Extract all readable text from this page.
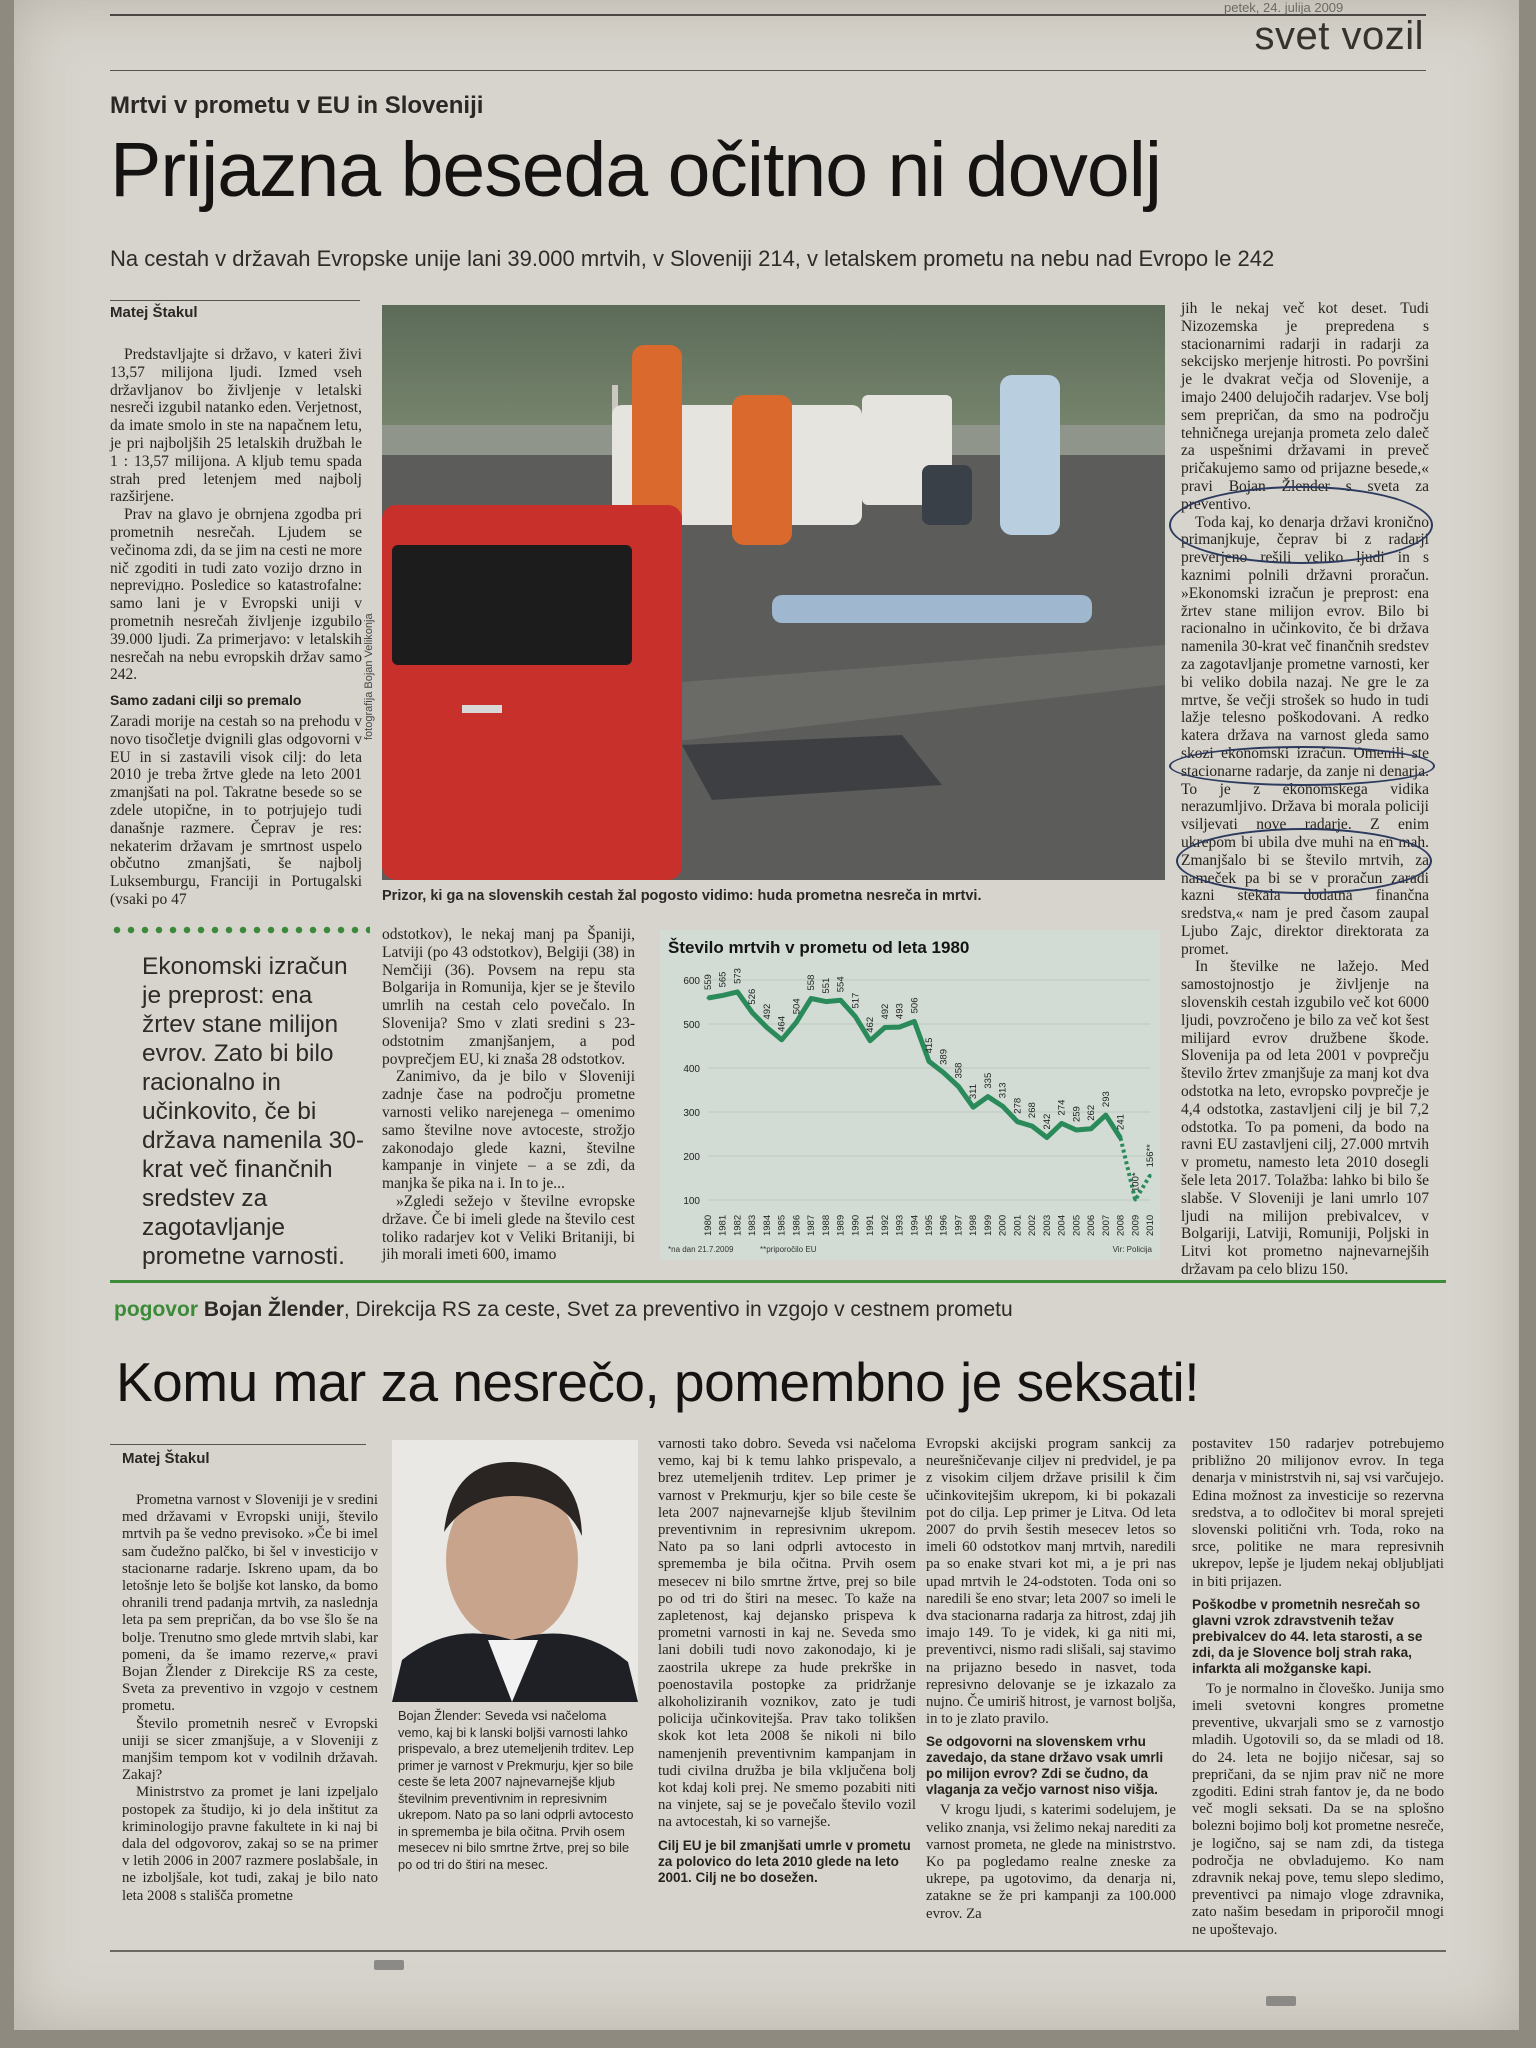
petek, 24. julija 2009
svet vozil
Mrtvi v prometu v EU in Sloveniji
Prijazna beseda očitno ni dovolj
Na cestah v državah Evropske unije lani 39.000 mrtvih, v Sloveniji 214, v letalskem prometu na nebu nad Evropo le 242
Matej Štakul

Predstavljajte si državo, v kateri živi 13,57 milijona ljudi. Izmed vseh državljanov bo življenje v letalski nesreči izgubil natanko eden. Verjetnost, da imate smolo in ste na napačnem letu, je pri najboljših 25 letalskih družbah le 1 : 13,57 milijona. A kljub temu spada strah pred letenjem med najbolj razširjene.

Prav na glavo je obrnjena zgodba pri prometnih nesrečah. Ljudem se večinoma zdi, da se jim na cesti ne more nič zgoditi in tudi zato vozijo drzno in nepreviдно. Posledice so katastrofalne: samo lani je v Evropski uniji v prometnih nesrečah življenje izgubilo 39.000 ljudi. Za primerjavo: v letalskih nesrečah na nebu evropskih držav samo 242.

Samo zadani cilji so premalo

Zaradi morije na cestah so na prehodu v novo tisočletje dvignili glas odgovorni v EU in si zastavili visok cilj: do leta 2010 je treba žrtve glede na leto 2001 zmanjšati na pol. Takratne besede so se zdele utopične, in to potrjujejo tudi današnje razmere. Čeprav je res: nekaterim državam je smrtnost uspelo občutno zmanjšati, še najbolj Luksemburgu, Franciji in Portugalski (vsaki po 47

fotografija Bojan Velikonja
Prizor, ki ga na slovenskih cestah žal pogosto vidimo: huda prometna nesreča in mrtvi.
Ekonomski izračun je preprost: ena žrtev stane milijon evrov. Zato bi bilo racionalno in učinkovito, če bi država namenila 30-krat več finančnih sredstev za zagotavljanje prometne varnosti.

odstotkov), le nekaj manj pa Španiji, Latviji (po 43 odstotkov), Belgiji (38) in Nemčiji (36). Povsem na repu sta Bolgarija in Romunija, kjer se je število umrlih na cestah celo povečalo. In Slovenija? Smo v zlati sredini s 23-odstotnim zmanjšanjem, a pod povprečjem EU, ki znaša 28 odstotkov.

Zanimivo, da je bilo v Sloveniji zadnje čase na področju prometne varnosti veliko narejenega – omenimo samo številne nove avtoceste, strožjo zakonodajo glede kazni, številne kampanje in vinjete – a se zdi, da manjka še pika na i. In to je...

»Zgledi sežejo v številne evropske države. Če bi imeli glede na število cest toliko radarjev kot v Veliki Britaniji, bi jih morali imeti 600, imamo

100
200
300
400
500
600 559 565 573
526
492
464
504
558 551 554
517
462
492 493 506
415
389
358
311
335
313
278 268
242
274 259 262
293
241
100*
156**
1980 1981 1982 1983 1984 1985 1986 1987 1988 1989 1990 1991 1992 1993 1994 1995 1996 1997 1998 1999 2000 2001 2002 2003 2004 2005 2006 2007 2008 2009 2010
*na dan 21.7.2009	**priporočilo EU	Vir: Policija
Število mrtvih v prometu od leta 1980

jih le nekaj več kot deset. Tudi Nizozemska je prepredena s stacionarnimi radarji in radarji za sekcijsko merjenje hitrosti. Po površini je le dvakrat večja od Slovenije, a imajo 2400 delujočih radarjev. Vse bolj sem prepričan, da smo na področju tehničnega urejanja prometa zelo daleč za uspešnimi državami in preveč pričakujemo samo od prijazne besede,« pravi Bojan Žlender s sveta za preventivo.

Toda kaj, ko denarja državi kronično primanjkuje, čeprav bi z radarji preverjeno rešili veliko ljudi in s kaznimi polnili državni proračun. »Ekonomski izračun je preprost: ena žrtev stane milijon evrov. Bilo bi racionalno in učinkovito, če bi država namenila 30-krat več finančnih sredstev za zagotavljanje prometne varnosti, ker bi veliko dobila nazaj. Ne gre le za mrtve, še večji strošek so hudo in tudi lažje telesno poškodovani. A redko katera država na varnost gleda samo skozi ekonomski izračun. Omenili ste stacionarne radarje, da zanje ni denarja. To je z ekonomskega vidika nerazumljivo. Država bi morala policiji vsiljevati nove radarje. Z enim ukrepom bi ubila dve muhi na en mah. Zmanjšalo bi se število mrtvih, za nameček pa bi se v proračun zaradi kazni stekala dodatna finančna sredstva,« nam je pred časom zaupal Ljubo Zajc, direktor direktorata za promet.

In številke ne lažejo. Med samostojnostjo je življenje na slovenskih cestah izgubilo več kot 6000 ljudi, povzročeno je bilo za več kot šest milijard evrov družbene škode. Slovenija pa od leta 2001 v povprečju število žrtev zmanjšuje za manj kot dva odstotka na leto, evropsko povprečje je 4,4 odstotka, zastavljeni cilj je bil 7,2 odstotka. To pa pomeni, da bodo na ravni EU zastavljeni cilj, 27.000 mrtvih v prometu, namesto leta 2010 dosegli šele leta 2017. Tolažba: lahko bi bilo še slabše. V Sloveniji je lani umrlo 107 ljudi na milijon prebivalcev, v Bolgariji, Latviji, Romuniji, Poljski in Litvi kot prometno najnevarnejših državam pa celo blizu 150.

pogovor Bojan Žlender, Direkcija RS za ceste, Svet za preventivo in vzgojo v cestnem prometu
Komu mar za nesrečo, pomembno je seksati!
Matej Štakul

Prometna varnost v Sloveniji je v sredini med državami v Evropski uniji, število mrtvih pa še vedno previsoko. »Če bi imel sam čudežno palčko, bi šel v investicijo v stacionarne radarje. Iskreno upam, da bo letošnje leto še boljše kot lansko, da bomo ohranili trend padanja mrtvih, za naslednja leta pa sem prepričan, da bo vse šlo še na bolje. Trenutno smo glede mrtvih slabi, kar pomeni, da še imamo rezerve,« pravi Bojan Žlender z Direkcije RS za ceste, Sveta za preventivo in vzgojo v cestnem prometu.

Število prometnih nesreč v Evropski uniji se sicer zmanjšuje, a v Sloveniji z manjšim tempom kot v vodilnih državah. Zakaj?

Ministrstvo za promet je lani izpeljalo postopek za študijo, ki jo dela inštitut za kriminologijo pravne fakultete in ki naj bi dala del odgovorov, zakaj so se na primer v letih 2006 in 2007 razmere poslabšale, in ne izboljšale, kot tudi, zakaj je bilo nato leta 2008 s stališča prometne

Bojan Žlender: Seveda vsi načeloma vemo, kaj bi k lanski boljši varnosti lahko prispevalo, a brez utemeljenih trditev. Lep primer je varnost v Prekmurju, kjer so bile ceste še leta 2007 najnevarnejše kljub številnim preventivnim in represivnim ukrepom. Nato pa so lani odprli avtocesto in sprememba je bila očitna. Prvih osem mesecev ni bilo smrtne žrtve, prej so bile po od tri do štiri na mesec.

varnosti tako dobro. Seveda vsi načeloma vemo, kaj bi k temu lahko prispevalo, a brez utemeljenih trditev. Lep primer je varnost v Prekmurju, kjer so bile ceste še leta 2007 najnevarnejše kljub številnim preventivnim in represivnim ukrepom. Nato pa so lani odprli avtocesto in sprememba je bila očitna. Prvih osem mesecev ni bilo smrtne žrtve, prej so bile po od tri do štiri na mesec. To kaže na zapletenost, kaj dejansko prispeva k prometni varnosti in kaj ne. Seveda smo lani dobili tudi novo zakonodajo, ki je zaostrila ukrepe za hude prekrške in poenostavila postopke za pridržanje alkoholiziranih voznikov, zato je tudi policija učinkovitejša. Prav tako tolikšen skok kot leta 2008 še nikoli ni bilo namenjenih preventivnim kampanjam in tudi civilna družba je bila vključena bolj kot kdaj koli prej. Ne smemo pozabiti niti na vinjete, saj se je povečalo število vozil na avtocestah, ki so varnejše.

Cilj EU je bil zmanjšati umrle v prometu za polovico do leta 2010 glede na leto 2001. Cilj ne bo dosežen.

Evropski akcijski program sankcij za neurešničevanje ciljev ni predvidel, je pa z visokim ciljem države prisilil k čim učinkovitejšim ukrepom, ki bi pokazali pot do cilja. Lep primer je Litva. Od leta 2007 do prvih šestih mesecev letos so imeli 60 odstotkov manj mrtvih, naredili pa so enake stvari kot mi, a je pri nas upad mrtvih le 24-odstoten. Toda oni so naredili še eno stvar; leta 2007 so imeli le dva stacionarna radarja za hitrost, zdaj jih imajo 149. To je videk, ki ga niti mi, preventivci, nismo radi slišali, saj stavimo na prijazno besedo in nasvet, toda represivno delovanje se je izkazalo za nujno. Če umiriš hitrost, je varnost boljša, in to je zlato pravilo.

Se odgovorni na slovenskem vrhu zavedajo, da stane državo vsak umrli po milijon evrov? Zdi se čudno, da vlaganja za večjo varnost niso višja.

V krogu ljudi, s katerimi sodelujem, je veliko znanja, vsi želimo nekaj narediti za varnost prometa, ne glede na ministrstvo. Ko pa pogledamo realne zneske za ukrepe, pa ugotovimo, da denarja ni, zatakne se že pri kampanji za 100.000 evrov. Za

postavitev 150 radarjev potrebujemo približno 20 milijonov evrov. In tega denarja v ministrstvih ni, saj vsi varčujejo. Edina možnost za investicije so rezervna sredstva, a to odločitev bi moral sprejeti slovenski politični vrh. Toda, roko na srce, politike ne mara represivnih ukrepov, lepše je ljudem nekaj obljubljati in biti prijazen.

Poškodbe v prometnih nesrečah so glavni vzrok zdravstvenih težav prebivalcev do 44. leta starosti, a se zdi, da je Slovence bolj strah raka, infarkta ali možganske kapi.

To je normalno in človeško. Junija smo imeli svetovni kongres prometne preventive, ukvarjali smo se z varnostjo mladih. Ugotovili so, da se mladi od 18. do 24. leta ne bojijo ničesar, saj so prepričani, da se njim prav nič ne more zgoditi. Edini strah fantov je, da ne bodo več mogli seksati. Da se na splošno bolezni bojimo bolj kot prometne nesreče, je logično, saj se nam zdi, da tistega področja ne obvladujemo. Ko nam zdravnik nekaj pove, temu slepo sledimo, preventivci pa nimajo vloge zdravnika, zato našim besedam in priporočil mnogi ne upoštevajo.
